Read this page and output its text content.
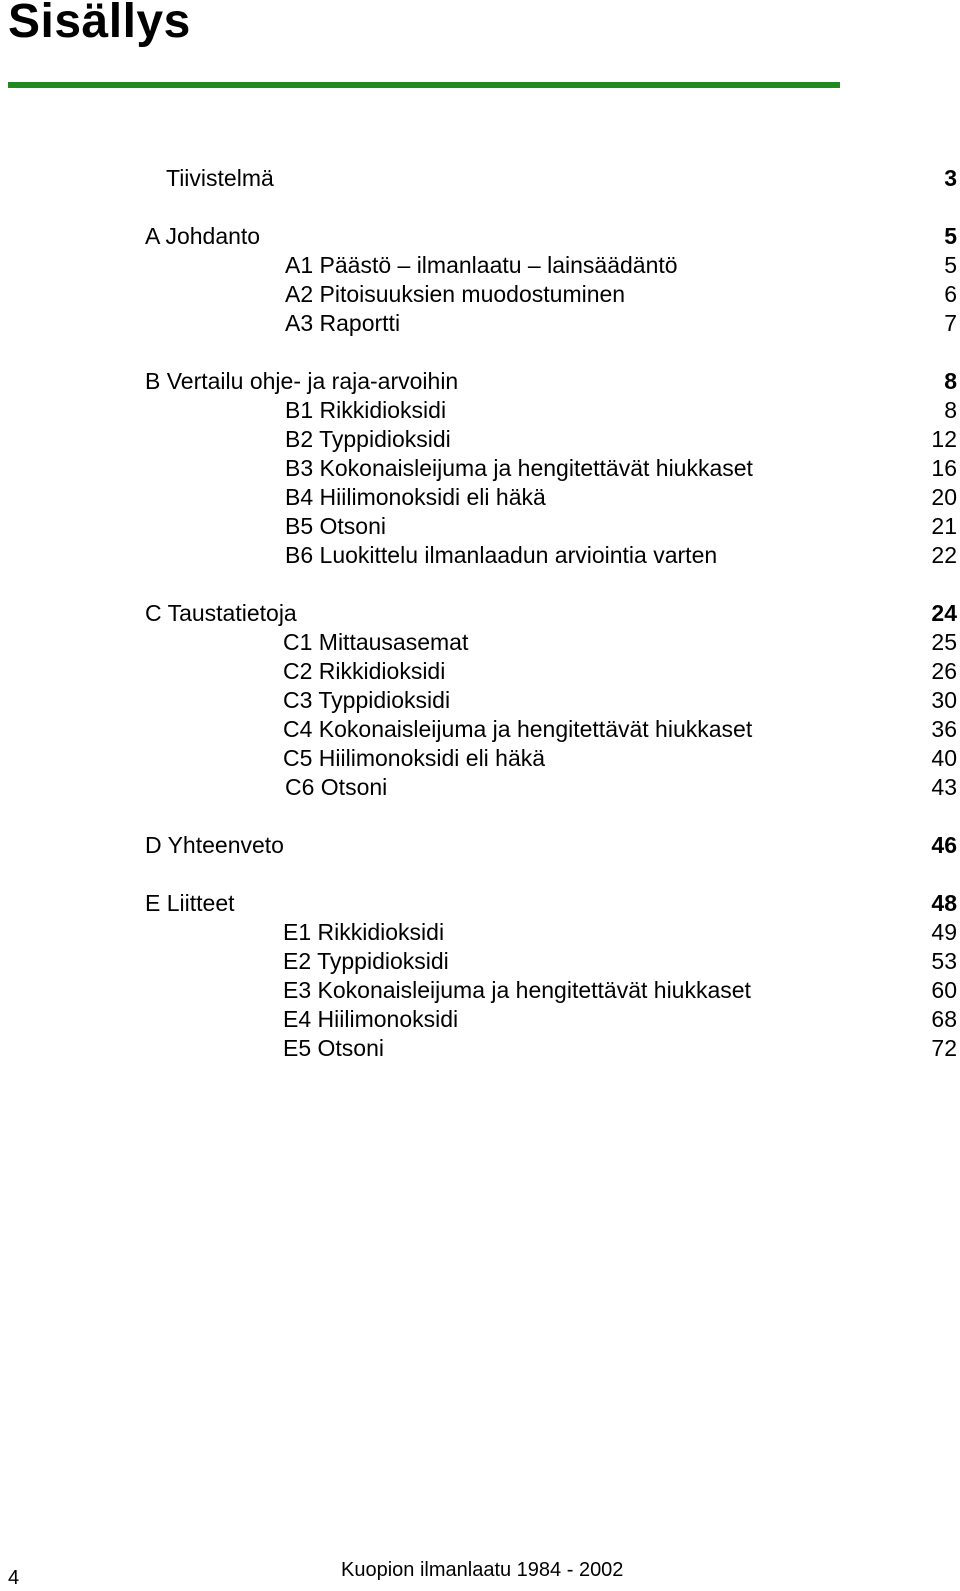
Sisällys
Tiivistelmä	3
A Johdanto	5
A1 Päästö – ilmanlaatu – lainsäädäntö	5
A2 Pitoisuuksien muodostuminen	6
A3 Raportti	7
B Vertailu ohje- ja raja-arvoihin	8
B1 Rikkidioksidi	8
B2 Typpidioksidi	12
B3 Kokonaisleijuma ja hengitettävät hiukkaset	16
B4 Hiilimonoksidi eli häkä	20
B5 Otsoni	21
B6 Luokittelu ilmanlaadun arviointia varten	22
C Taustatietoja	24
C1 Mittausasemat	25
C2 Rikkidioksidi	26
C3 Typpidioksidi	30
C4 Kokonaisleijuma ja hengitettävät hiukkaset	36
C5 Hiilimonoksidi eli häkä	40
C6 Otsoni	43
D Yhteenveto	46
E Liitteet	48
E1 Rikkidioksidi	49
E2 Typpidioksidi	53
E3 Kokonaisleijuma ja hengitettävät hiukkaset	60
E4 Hiilimonoksidi	68
E5 Otsoni	72
4	Kuopion ilmanlaatu 1984 - 2002
